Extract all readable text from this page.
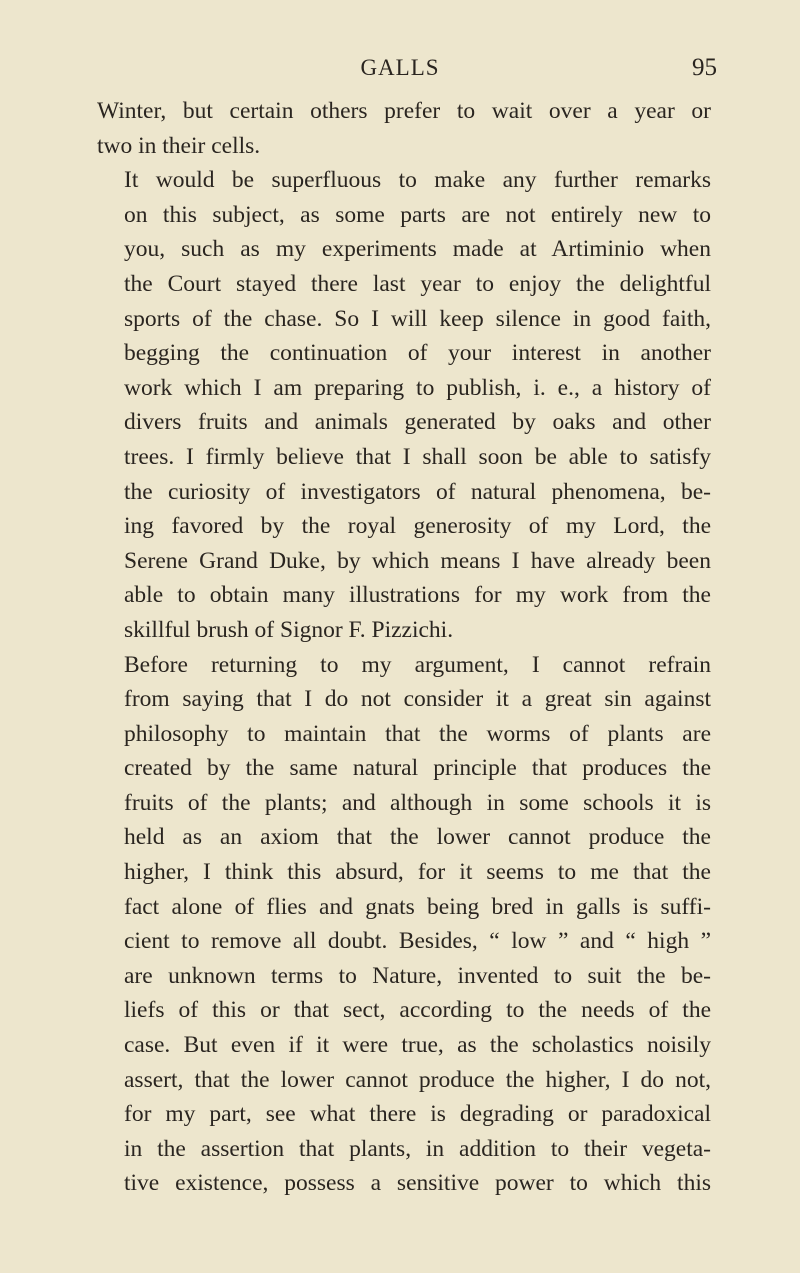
GALLS	95

Winter, but certain others prefer to wait over a year or
two in their cells.

It would be superfluous to make any further remarks
on this subject, as some parts are not entirely new to
you, such as my experiments made at Artiminio when
the Court stayed there last year to enjoy the delightful
sports of the chase. So I will keep silence in good faith,
begging the continuation of your interest in another
work which I am preparing to publish, i. e., a history of
divers fruits and animals generated by oaks and other
trees. I firmly believe that I shall soon be able to satisfy
the curiosity of investigators of natural phenomena, be-
ing favored by the royal generosity of my Lord, the
Serene Grand Duke, by which means I have already been
able to obtain many illustrations for my work from the
skillful brush of Signor F. Pizzichi.

Before returning to my argument, I cannot refrain
from saying that I do not consider it a great sin against
philosophy to maintain that the worms of plants are
created by the same natural principle that produces the
fruits of the plants; and although in some schools it is
held as an axiom that the lower cannot produce the
higher, I think this absurd, for it seems to me that the
fact alone of flies and gnats being bred in galls is suffi-
cient to remove all doubt. Besides, “ low ” and “ high ”
are unknown terms to Nature, invented to suit the be-
liefs of this or that sect, according to the needs of the
case. But even if it were true, as the scholastics noisily
assert, that the lower cannot produce the higher, I do not,
for my part, see what there is degrading or paradoxical
in the assertion that plants, in addition to their vegeta-
tive existence, possess a sensitive power to which this
